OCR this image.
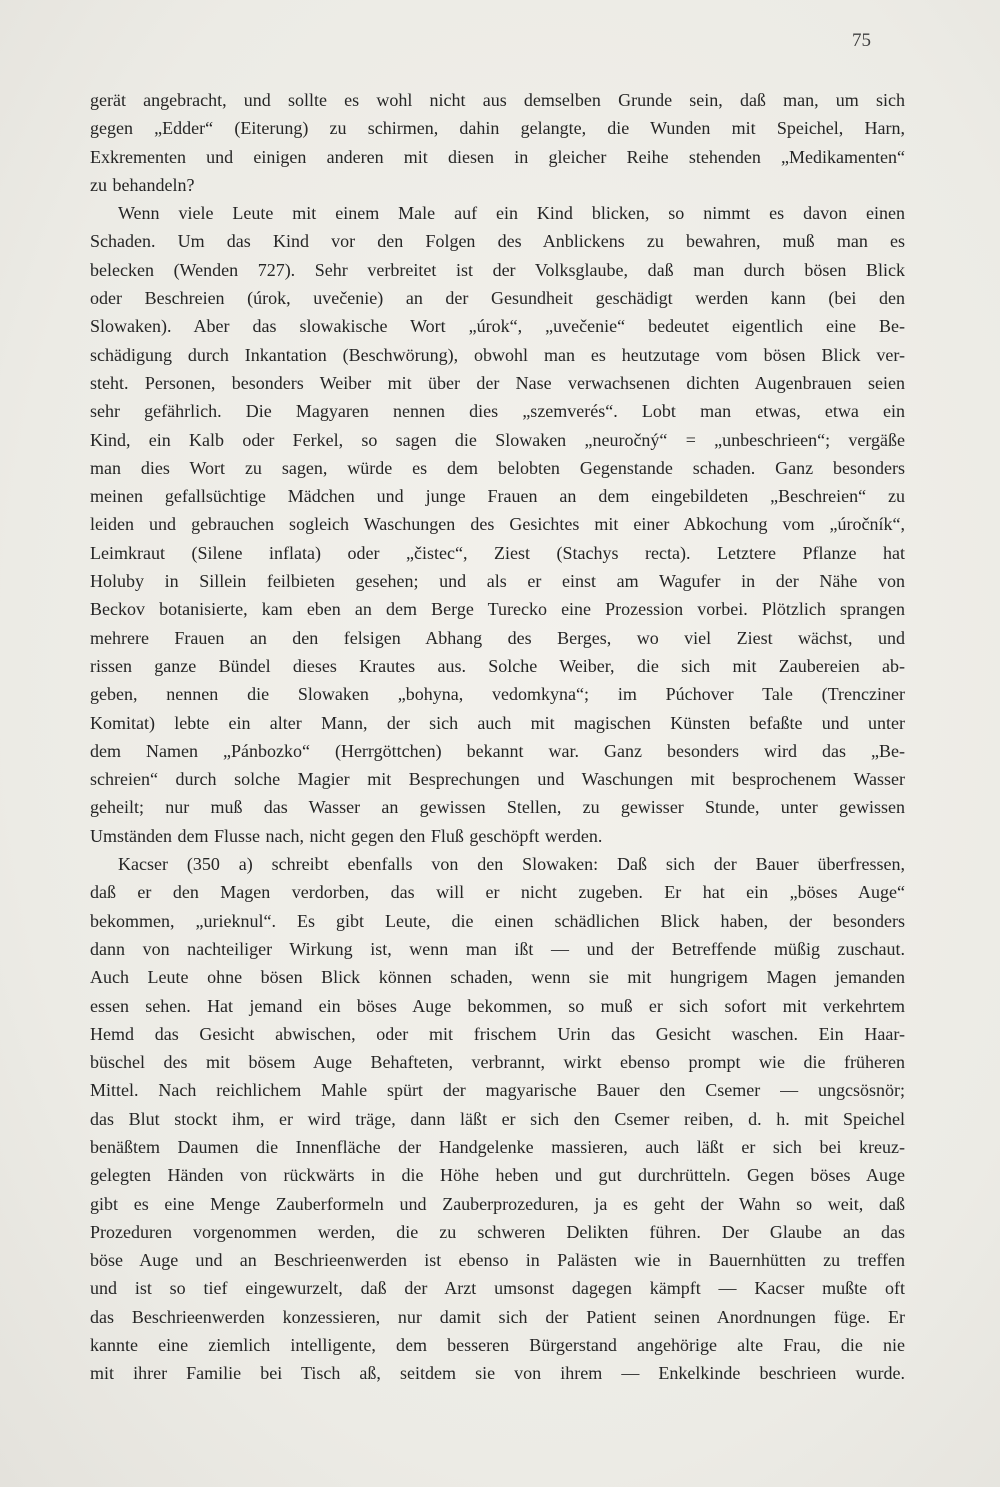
75
gerät angebracht, und sollte es wohl nicht aus demselben Grunde sein, daß man, um sich
gegen „Edder“ (Eiterung) zu schirmen, dahin gelangte, die Wunden mit Speichel, Harn,
Exkrementen und einigen anderen mit diesen in gleicher Reihe stehenden „Medikamenten“
zu behandeln?
Wenn viele Leute mit einem Male auf ein Kind blicken, so nimmt es davon einen
Schaden. Um das Kind vor den Folgen des Anblickens zu bewahren, muß man es
belecken (Wenden 727). Sehr verbreitet ist der Volksglaube, daß man durch bösen Blick
oder Beschreien (úrok, uvečenie) an der Gesundheit geschädigt werden kann (bei den
Slowaken). Aber das slowakische Wort „úrok“, „uvečenie“ bedeutet eigentlich eine Be-
schädigung durch Inkantation (Beschwörung), obwohl man es heutzutage vom bösen Blick ver-
steht. Personen, besonders Weiber mit über der Nase verwachsenen dichten Augenbrauen seien
sehr gefährlich. Die Magyaren nennen dies „szemverés“. Lobt man etwas, etwa ein
Kind, ein Kalb oder Ferkel, so sagen die Slowaken „neuročný“ = „unbeschrieen“; vergäße
man dies Wort zu sagen, würde es dem belobten Gegenstande schaden. Ganz besonders
meinen gefallsüchtige Mädchen und junge Frauen an dem eingebildeten „Beschreien“ zu
leiden und gebrauchen sogleich Waschungen des Gesichtes mit einer Abkochung vom „úročník“,
Leimkraut (Silene inflata) oder „čistec“, Ziest (Stachys recta). Letztere Pflanze hat
Holuby in Sillein feilbieten gesehen; und als er einst am Wagufer in der Nähe von
Beckov botanisierte, kam eben an dem Berge Turecko eine Prozession vorbei. Plötzlich sprangen
mehrere Frauen an den felsigen Abhang des Berges, wo viel Ziest wächst, und
rissen ganze Bündel dieses Krautes aus. Solche Weiber, die sich mit Zaubereien ab-
geben, nennen die Slowaken „bohyna, vedomkyna“; im Púchover Tale (Trencziner
Komitat) lebte ein alter Mann, der sich auch mit magischen Künsten befaßte und unter
dem Namen „Pánbozko“ (Herrgöttchen) bekannt war. Ganz besonders wird das „Be-
schreien“ durch solche Magier mit Besprechungen und Waschungen mit besprochenem Wasser
geheilt; nur muß das Wasser an gewissen Stellen, zu gewisser Stunde, unter gewissen
Umständen dem Flusse nach, nicht gegen den Fluß geschöpft werden.
Kacser (350 a) schreibt ebenfalls von den Slowaken: Daß sich der Bauer überfressen,
daß er den Magen verdorben, das will er nicht zugeben. Er hat ein „böses Auge“
bekommen, „urieknul“. Es gibt Leute, die einen schädlichen Blick haben, der besonders
dann von nachteiliger Wirkung ist, wenn man ißt — und der Betreffende müßig zuschaut.
Auch Leute ohne bösen Blick können schaden, wenn sie mit hungrigem Magen jemanden
essen sehen. Hat jemand ein böses Auge bekommen, so muß er sich sofort mit verkehrtem
Hemd das Gesicht abwischen, oder mit frischem Urin das Gesicht waschen. Ein Haar-
büschel des mit bösem Auge Behafteten, verbrannt, wirkt ebenso prompt wie die früheren
Mittel. Nach reichlichem Mahle spürt der magyarische Bauer den Csemer — ungcsösnör;
das Blut stockt ihm, er wird träge, dann läßt er sich den Csemer reiben, d. h. mit Speichel
benäßtem Daumen die Innenfläche der Handgelenke massieren, auch läßt er sich bei kreuz-
gelegten Händen von rückwärts in die Höhe heben und gut durchrütteln. Gegen böses Auge
gibt es eine Menge Zauberformeln und Zauberprozeduren, ja es geht der Wahn so weit, daß
Prozeduren vorgenommen werden, die zu schweren Delikten führen. Der Glaube an das
böse Auge und an Beschrieenwerden ist ebenso in Palästen wie in Bauernhütten zu treffen
und ist so tief eingewurzelt, daß der Arzt umsonst dagegen kämpft — Kacser mußte oft
das Beschrieenwerden konzessieren, nur damit sich der Patient seinen Anordnungen füge. Er
kannte eine ziemlich intelligente, dem besseren Bürgerstand angehörige alte Frau, die nie
mit ihrer Familie bei Tisch aß, seitdem sie von ihrem — Enkelkinde beschrieen wurde.
